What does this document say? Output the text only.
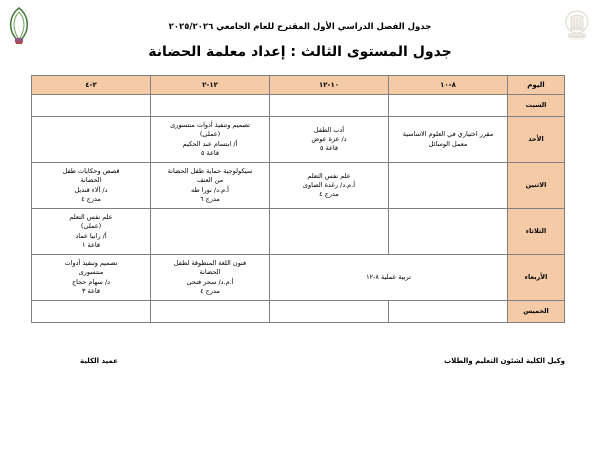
جدول الفصل الدراسي الأول المقترح للعام الجامعي ٢٠٢٥/٢٠٢٦
جدول المستوى الثالث : إعداد معلمة الحضانة
اليوم	٨-١٠	١٠-١٢	١٢-٢	٢-٤
السبت				
الأحد	مقرر اختياري في العلوم الاساسية
معمل الوسائل	أدب الطفل
د/ عزة عوض
قاعة ٥	تصميم وتنفيذ أدوات منتسورى
(عملى)
أ/ ابتسام عبد الحكيم
قاعة ٥	

الاثنين		علم نفس التعلم
أ.م.د/ رغدة الصاوى
مدرج ٤	سيكولوجية حماية طفل الحضانة
من العنف
أ.م.د/ نورا طه
مدرج ٦	قصص وحكايات طفل
الحضانة
د/ آلاء قنديل
مدرج ٤

الثلاثاء				علم نفس التعلم
(عملى)
أ/ رانيا عماد
قاعة ١

الأربعاء	تربية عملية ٨-١٢		فنون اللغة المنطوقة لطفل
الحضانة
أ.م.د/ سحر فتحى
مدرج ٤	تصميم وتنفيذ أدوات
منتسورى
د/ سهام حجاج
قاعة ٣

الخميس				
وكيل الكلية لشئون التعليم والطلاب
عميد الكلية
